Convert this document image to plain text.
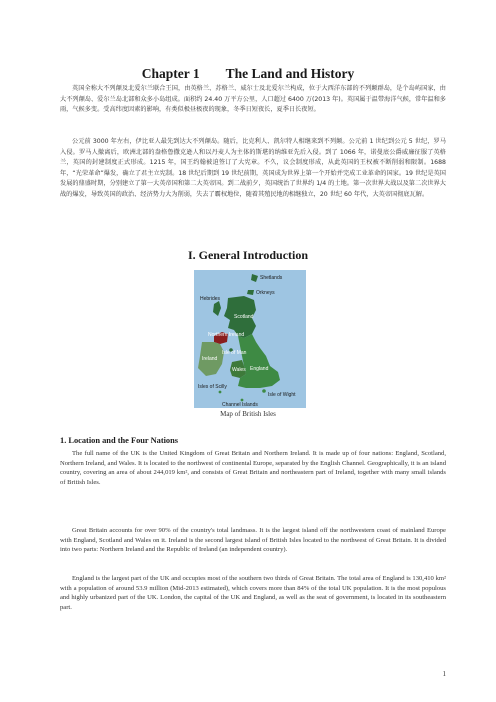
Chapter 1 The Land and History

英国全称大不列颠及北爱尔兰联合王国，由英格兰、苏格兰、威尔士及北爱尔兰构成，位于大西洋东部的不列颠群岛，是个岛屿国家，由大不列颠岛、爱尔兰岛北部和众多小岛组成。面积约 24.40 万平方公里，人口超过 6400 万(2013 年)。英国属于温带海洋气候，常年温和多雨，气候多变。受高纬度因素的影响，有类似极昼极夜的现象，冬季日短夜长，夏季日长夜短。

公元前 3000 年左右，伊比亚人最先到达大不列颠岛。随后，比克利人、凯尔特人相继来到不列颠。公元前 1 世纪到公元 5 世纪，罗马入侵。罗马人撤离后，欧洲北部的盎格鲁撒克逊人和以丹麦人为主体的斯堪的纳维亚先后入侵。到了 1066 年，诺曼底公爵威廉征服了英格兰，英国的封建制度正式形成。1215 年，国王约翰被迫签订了大宪章。不久，议会制度形成，从此英国的王权被不断削弱和限制。1688 年，“光荣革命”爆发，确立了君主立宪制。18 世纪后期到 19 世纪前期，英国成为世界上第一个开始并完成工业革命的国家。19 世纪是英国发展的鼎盛时期，分别建立了第一大英帝国和第二大英帝国。到二战前夕，英国统治了世界约 1/4 的土地。第一次世界大战以及第二次世界大战的爆发，导致英国的政治、经济势力大为削弱，失去了霸权地位，随着其殖民地的相继独立，20 世纪 60 年代，大英帝国彻底瓦解。

I. General Introduction
Shetlands
Orkneys
Hebrides
Scotland
Northern Ireland
Isle of Man
England
Wales
Ireland
Isle of Wight
Isles of Scilly
Channel Islands
Map of British Isles
1. Location and the Four Nations

The full name of the UK is the United Kingdom of Great Britain and Northern Ireland. It is made up of four nations: England, Scotland, Northern Ireland, and Wales. It is located to the northwest of continental Europe, separated by the English Channel. Geographically, it is an island country, covering an area of about 244,019 km², and consists of Great Britain and northeastern part of Ireland, together with many small islands of British Isles.

Great Britain accounts for over 90% of the country's total landmass. It is the largest island off the northwestern coast of mainland Europe with England, Scotland and Wales on it. Ireland is the second largest island of British Isles located to the northwest of Great Britain. It is divided into two parts: Northern Ireland and the Republic of Ireland (an independent country).

England is the largest part of the UK and occupies most of the southern two thirds of Great Britain. The total area of England is 130,410 km² with a population of around 53.9 million (Mid-2013 estimated), which covers more than 84% of the total UK population. It is the most populous and highly urbanized part of the UK. London, the capital of the UK and England, as well as the seat of government, is located in its southeastern part.

1
